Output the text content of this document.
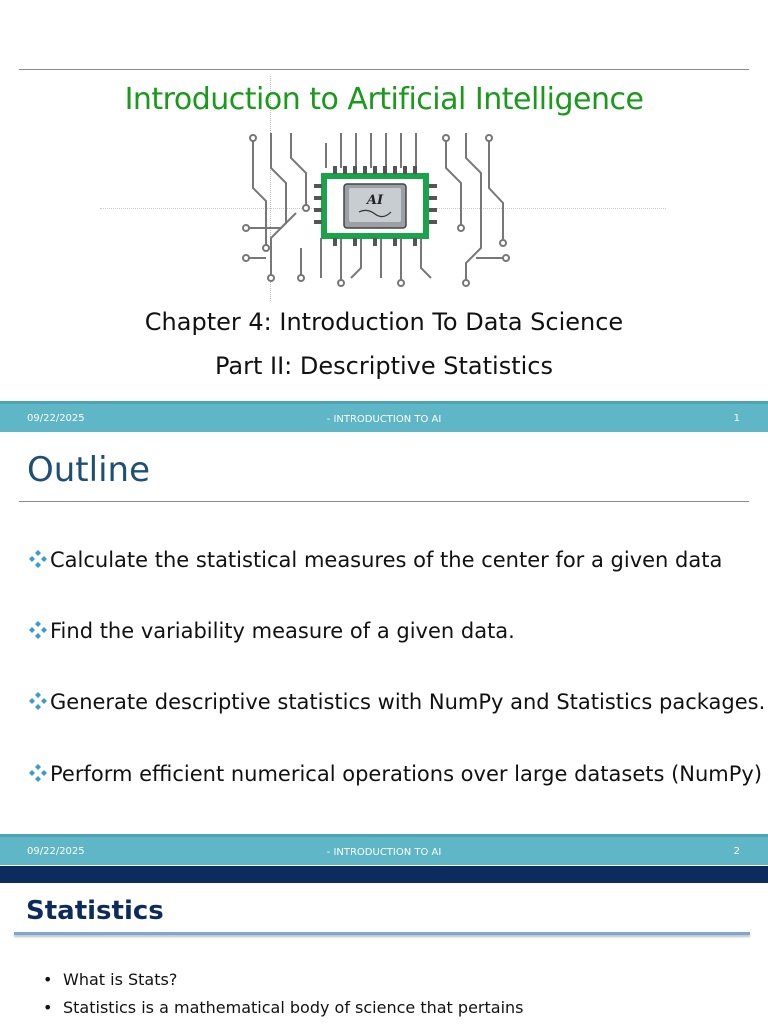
Introduction to Artificial Intelligence
AI
Chapter 4: Introduction To Data Science
Part II: Descriptive Statistics
09/22/2025	- INTRODUCTION TO AI	1
Outline
Calculate the statistical measures of the center for a given data
Find the variability measure of a given data.
Generate descriptive statistics with NumPy and Statistics packages.
Perform efficient numerical operations over large datasets (NumPy)
09/22/2025	- INTRODUCTION TO AI	2
Statistics
• What is Stats?
• Statistics is a mathematical body of science that pertains
